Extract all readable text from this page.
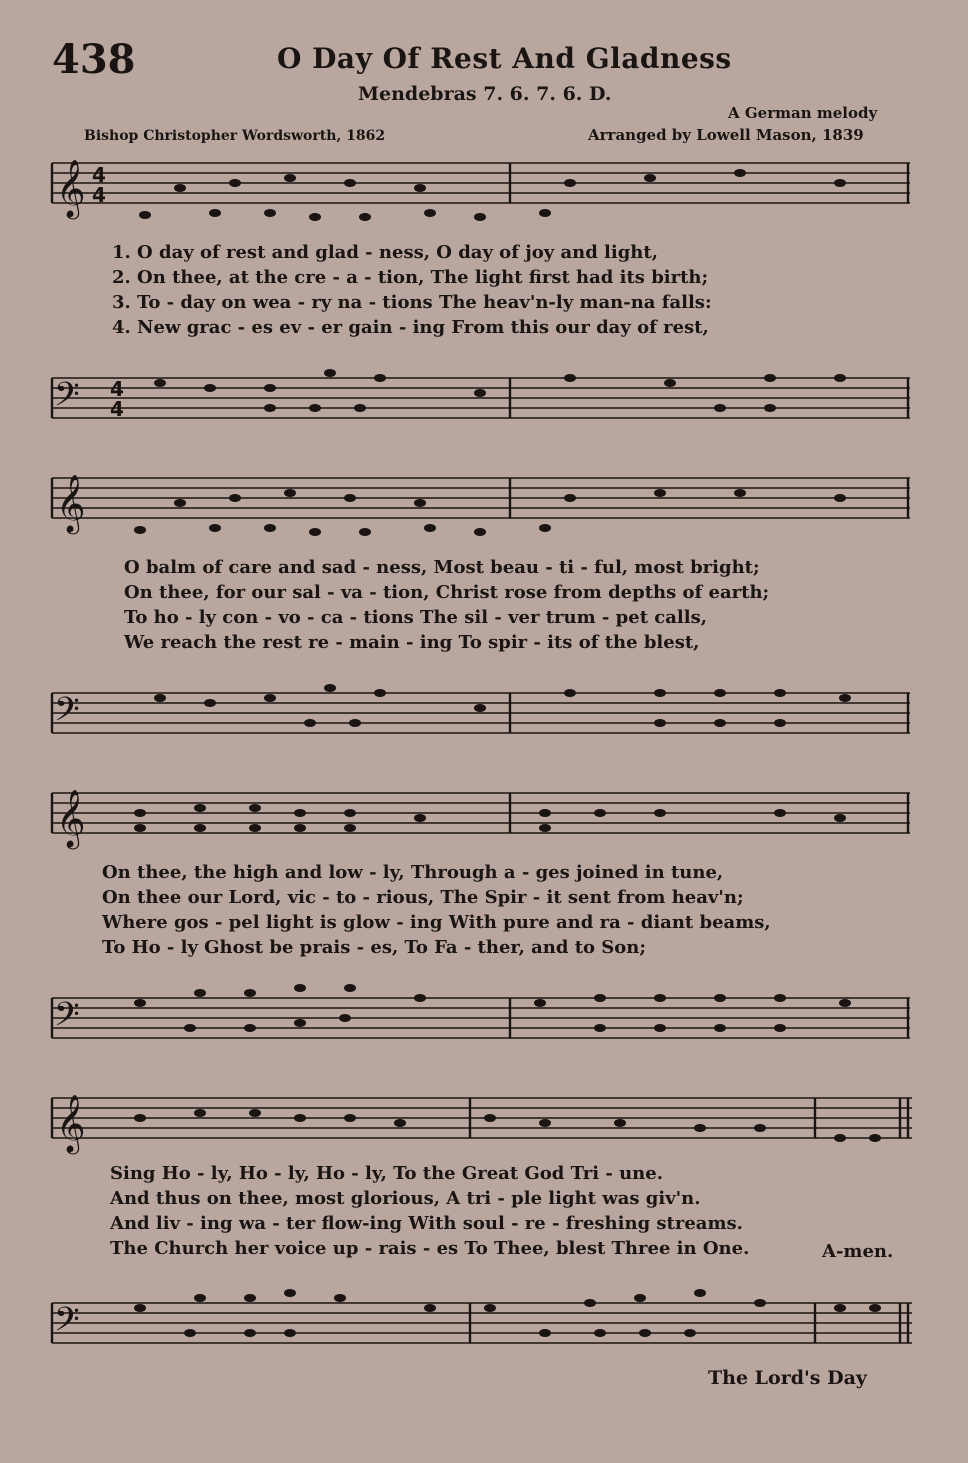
438	O Day Of Rest And Gladness
Mendebras 7. 6. 7. 6. D.
A German melody
Bishop Christopher Wordsworth, 1862	Arranged by Lowell Mason, 1839
𝄞 4
4
1. O day of rest and glad - ness, O day of joy and light,
2. On thee, at the cre - a - tion, The light first had its birth;
3. To - day on wea - ry na - tions The heav'n-ly man-na falls:
4. New grac - es ev - er gain - ing From this our day of rest,
𝄢 4
4
𝄞
O balm of care and sad - ness, Most beau - ti - ful, most bright;
On thee, for our sal - va - tion, Christ rose from depths of earth;
To ho - ly con - vo - ca - tions The sil - ver trum - pet calls,
We reach the rest re - main - ing To spir - its of the blest,
𝄢
𝄞
On thee, the high and low - ly, Through a - ges joined in tune,
On thee our Lord, vic - to - rious, The Spir - it sent from heav'n;
Where gos - pel light is glow - ing With pure and ra - diant beams,
To Ho - ly Ghost be prais - es, To Fa - ther, and to Son;
𝄢
𝄞
Sing Ho - ly, Ho - ly, Ho - ly, To the Great God Tri - une.
And thus on thee, most glorious, A tri - ple light was giv'n.
And liv - ing wa - ter flow-ing With soul - re - freshing streams.
The Church her voice up - rais - es To Thee, blest Three in One.	A-men.
𝄢
The Lord's Day
